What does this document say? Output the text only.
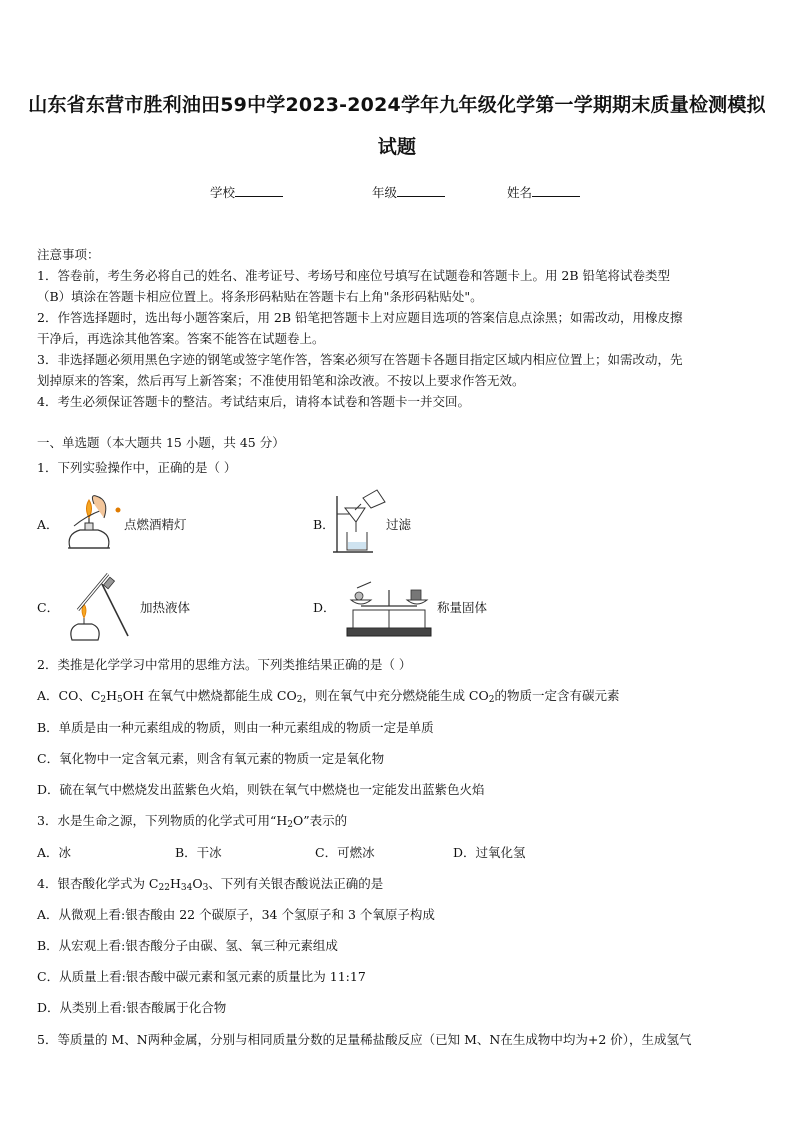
山东省东营市胜利油田59中学2023-2024学年九年级化学第一学期期末质量检测模拟
试题
学校	年级	姓名
注意事项：
1．答卷前，考生务必将自己的姓名、准考证号、考场号和座位号填写在试题卷和答题卡上。用 2B 铅笔将试卷类型
（B）填涂在答题卡相应位置上。将条形码粘贴在答题卡右上角"条形码粘贴处"。
2．作答选择题时，选出每小题答案后，用 2B 铅笔把答题卡上对应题目选项的答案信息点涂黑；如需改动，用橡皮擦
干净后，再选涂其他答案。答案不能答在试题卷上。
3．非选择题必须用黑色字迹的钢笔或签字笔作答，答案必须写在答题卡各题目指定区域内相应位置上；如需改动，先
划掉原来的答案，然后再写上新答案；不准使用铅笔和涂改液。不按以上要求作答无效。
4．考生必须保证答题卡的整洁。考试结束后，请将本试卷和答题卡一并交回。
一、单选题（本大题共 15 小题，共 45 分）
1．下列实验操作中，正确的是（ ）
A．	点燃酒精灯	B．	过滤
C．	加热液体	D．	称量固体
2．类推是化学学习中常用的思维方法。下列类推结果正确的是（ ）
A．CO、$C_2H_5OH$ 在氧气中燃烧都能生成 $CO_2$，则在氧气中充分燃烧能生成 $CO_2$的物质一定含有碳元素
B．单质是由一种元素组成的物质，则由一种元素组成的物质一定是单质
C．氧化物中一定含氧元素，则含有氧元素的物质一定是氧化物
D．硫在氧气中燃烧发出蓝紫色火焰，则铁在氧气中燃烧也一定能发出蓝紫色火焰
3．水是生命之源，下列物质的化学式可用“$H_2O$”表示的
A．冰	B．干冰	C．可燃冰	D．过氧化氢
4．银杏酸化学式为 $C_{22}H_{34}O_3$、下列有关银杏酸说法正确的是
A．从微观上看:银杏酸由 22 个碳原子，34 个氢原子和 3 个氧原子构成
B．从宏观上看:银杏酸分子由碳、氢、氧三种元素组成
C．从质量上看:银杏酸中碳元素和氢元素的质量比为 11:17
D．从类别上看:银杏酸属于化合物
5．等质量的 M、N两种金属，分别与相同质量分数的足量稀盐酸反应（已知 M、N在生成物中均为+2 价），生成氢气
